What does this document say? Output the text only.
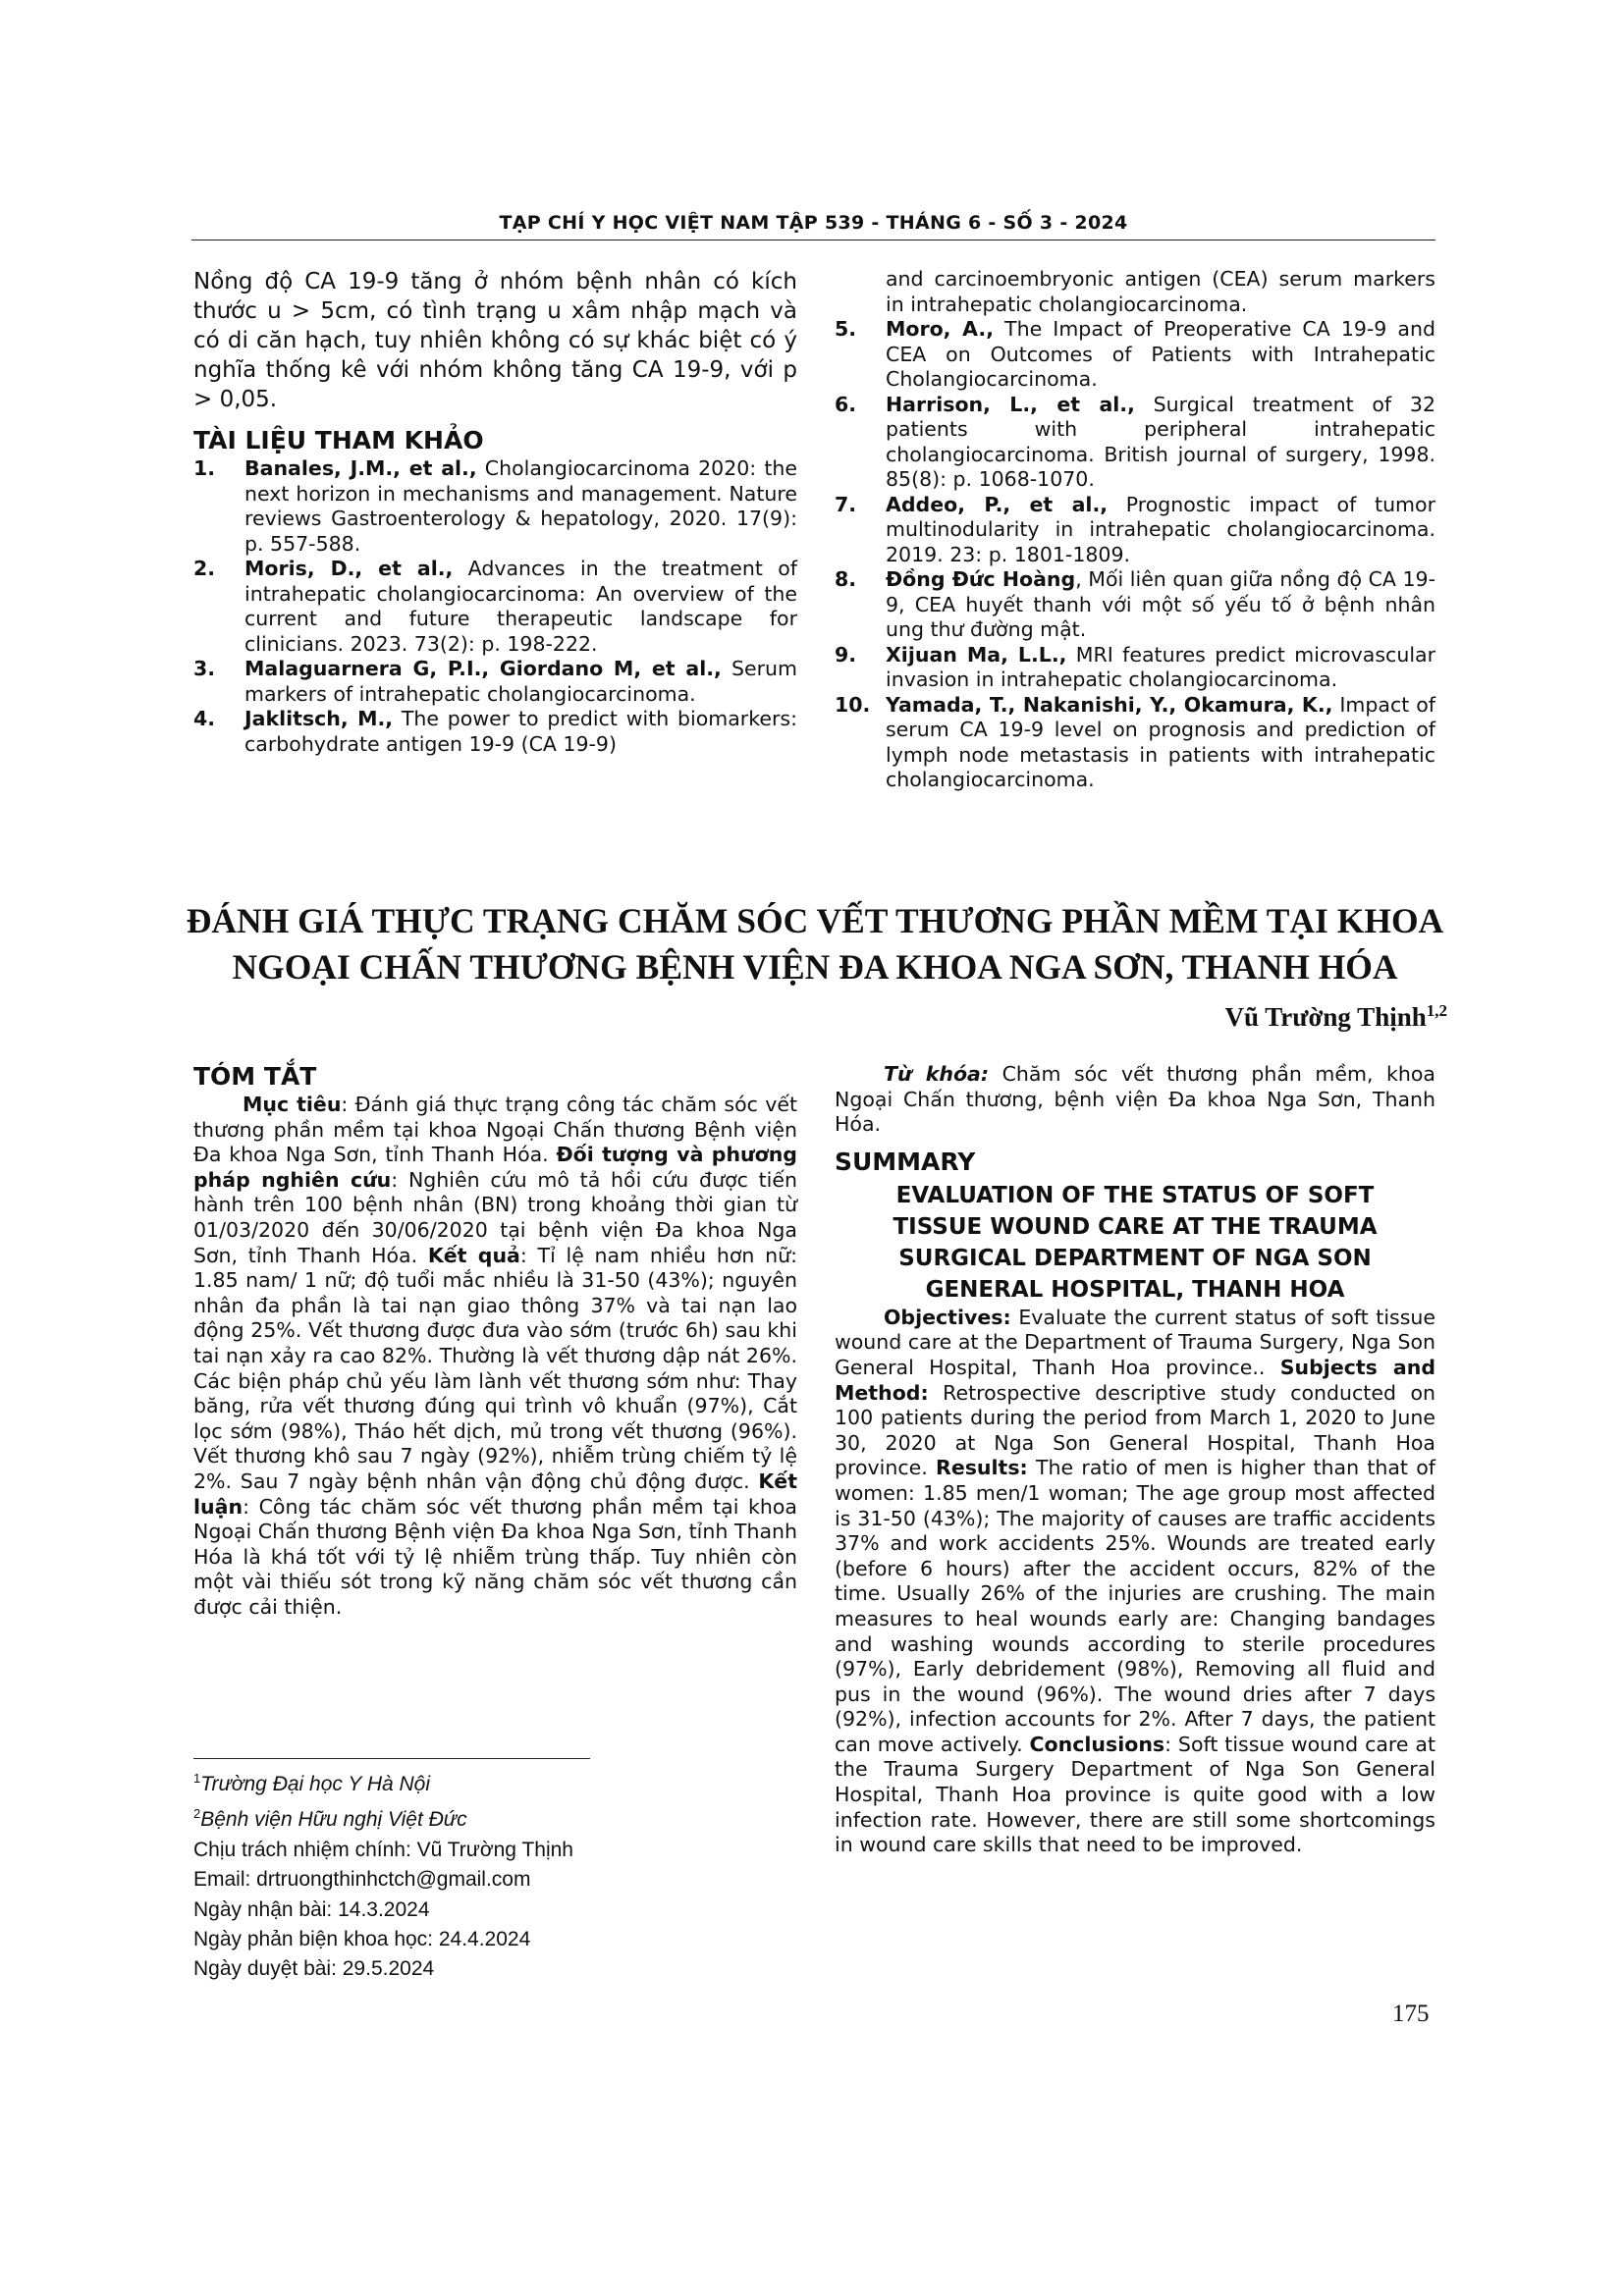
TẠP CHÍ Y HỌC VIỆT NAM TẬP 539 - THÁNG 6 - SỐ 3 - 2024

Nồng độ CA 19-9 tăng ở nhóm bệnh nhân có kích thước u > 5cm, có tình trạng u xâm nhập mạch và có di căn hạch, tuy nhiên không có sự khác biệt có ý nghĩa thống kê với nhóm không tăng CA 19-9, với p > 0,05.

TÀI LIỆU THAM KHẢO

1.	Banales, J.M., et al., Cholangiocarcinoma 2020: the next horizon in mechanisms and management. Nature reviews Gastroenterology & hepatology, 2020. 17(9): p. 557-588.
2.	Moris, D., et al., Advances in the treatment of intrahepatic cholangiocarcinoma: An overview of the current and future therapeutic landscape for clinicians. 2023. 73(2): p. 198-222.
3.	Malaguarnera G, P.I., Giordano M, et al., Serum markers of intrahepatic cholangiocarcinoma.
4.	Jaklitsch, M., The power to predict with biomarkers: carbohydrate antigen 19-9 (CA 19-9)
and carcinoembryonic antigen (CEA) serum markers in intrahepatic cholangiocarcinoma.
5.	Moro, A., The Impact of Preoperative CA 19-9 and CEA on Outcomes of Patients with Intrahepatic Cholangiocarcinoma.
6.	Harrison, L., et al., Surgical treatment of 32 patients with peripheral intrahepatic cholangiocarcinoma. British journal of surgery, 1998. 85(8): p. 1068-1070.
7.	Addeo, P., et al., Prognostic impact of tumor multinodularity in intrahepatic cholangiocarcinoma. 2019. 23: p. 1801-1809.
8.	Đồng Đức Hoàng, Mối liên quan giữa nồng độ CA 19-9, CEA huyết thanh với một số yếu tố ở bệnh nhân ung thư đường mật.
9.	Xijuan Ma, L.L., MRI features predict microvascular invasion in intrahepatic cholangiocarcinoma.
10. Yamada, T., Nakanishi, Y., Okamura, K., Impact of serum CA 19-9 level on prognosis and prediction of lymph node metastasis in patients with intrahepatic cholangiocarcinoma.
ĐÁNH GIÁ THỰC TRẠNG CHĂM SÓC VẾT THƯƠNG PHẦN MỀM TẠI KHOA
NGOẠI CHẤN THƯƠNG BỆNH VIỆN ĐA KHOA NGA SƠN, THANH HÓA
Vũ Trường Thịnh$^{1,2}$

TÓM TẮT

Mục tiêu: Đánh giá thực trạng công tác chăm sóc vết thương phần mềm tại khoa Ngoại Chấn thương Bệnh viện Đa khoa Nga Sơn, tỉnh Thanh Hóa. Đối tượng và phương pháp nghiên cứu: Nghiên cứu mô tả hồi cứu được tiến hành trên 100 bệnh nhân (BN) trong khoảng thời gian từ 01/03/2020 đến 30/06/2020 tại bệnh viện Đa khoa Nga Sơn, tỉnh Thanh Hóa. Kết quả: Tỉ lệ nam nhiều hơn nữ: 1.85 nam/ 1 nữ; độ tuổi mắc nhiều là 31-50 (43%); nguyên nhân đa phần là tai nạn giao thông 37% và tai nạn lao động 25%. Vết thương được đưa vào sớm (trước 6h) sau khi tai nạn xảy ra cao 82%. Thường là vết thương dập nát 26%. Các biện pháp chủ yếu làm lành vết thương sớm như: Thay băng, rửa vết thương đúng qui trình vô khuẩn (97%), Cắt lọc sớm (98%), Tháo hết dịch, mủ trong vết thương (96%). Vết thương khô sau 7 ngày (92%), nhiễm trùng chiếm tỷ lệ 2%. Sau 7 ngày bệnh nhân vận động chủ động được. Kết luận: Công tác chăm sóc vết thương phần mềm tại khoa Ngoại Chấn thương Bệnh viện Đa khoa Nga Sơn, tỉnh Thanh Hóa là khá tốt với tỷ lệ nhiễm trùng thấp. Tuy nhiên còn một vài thiếu sót trong kỹ năng chăm sóc vết thương cần được cải thiện.

Từ khóa: Chăm sóc vết thương phần mềm, khoa Ngoại Chấn thương, bệnh viện Đa khoa Nga Sơn, Thanh Hóa.

SUMMARY

EVALUATION OF THE STATUS OF SOFT TISSUE WOUND CARE AT THE TRAUMA SURGICAL DEPARTMENT OF NGA SON GENERAL HOSPITAL, THANH HOA

Objectives: Evaluate the current status of soft tissue wound care at the Department of Trauma Surgery, Nga Son General Hospital, Thanh Hoa province.. Subjects and Method: Retrospective descriptive study conducted on 100 patients during the period from March 1, 2020 to June 30, 2020 at Nga Son General Hospital, Thanh Hoa province. Results: The ratio of men is higher than that of women: 1.85 men/1 woman; The age group most affected is 31-50 (43%); The majority of causes are traffic accidents 37% and work accidents 25%. Wounds are treated early (before 6 hours) after the accident occurs, 82% of the time. Usually 26% of the injuries are crushing. The main measures to heal wounds early are: Changing bandages and washing wounds according to sterile procedures (97%), Early debridement (98%), Removing all fluid and pus in the wound (96%). The wound dries after 7 days (92%), infection accounts for 2%. After 7 days, the patient can move actively. Conclusions: Soft tissue wound care at the Trauma Surgery Department of Nga Son General Hospital, Thanh Hoa province is quite good with a low infection rate. However, there are still some shortcomings in wound care skills that need to be improved.

$^1$Trường Đại học Y Hà Nội
$^2$Bệnh viện Hữu nghị Việt Đức
Chịu trách nhiệm chính: Vũ Trường Thịnh
Email: drtruongthinhctch@gmail.com
Ngày nhận bài: 14.3.2024
Ngày phản biện khoa học: 24.4.2024
Ngày duyệt bài: 29.5.2024
175
